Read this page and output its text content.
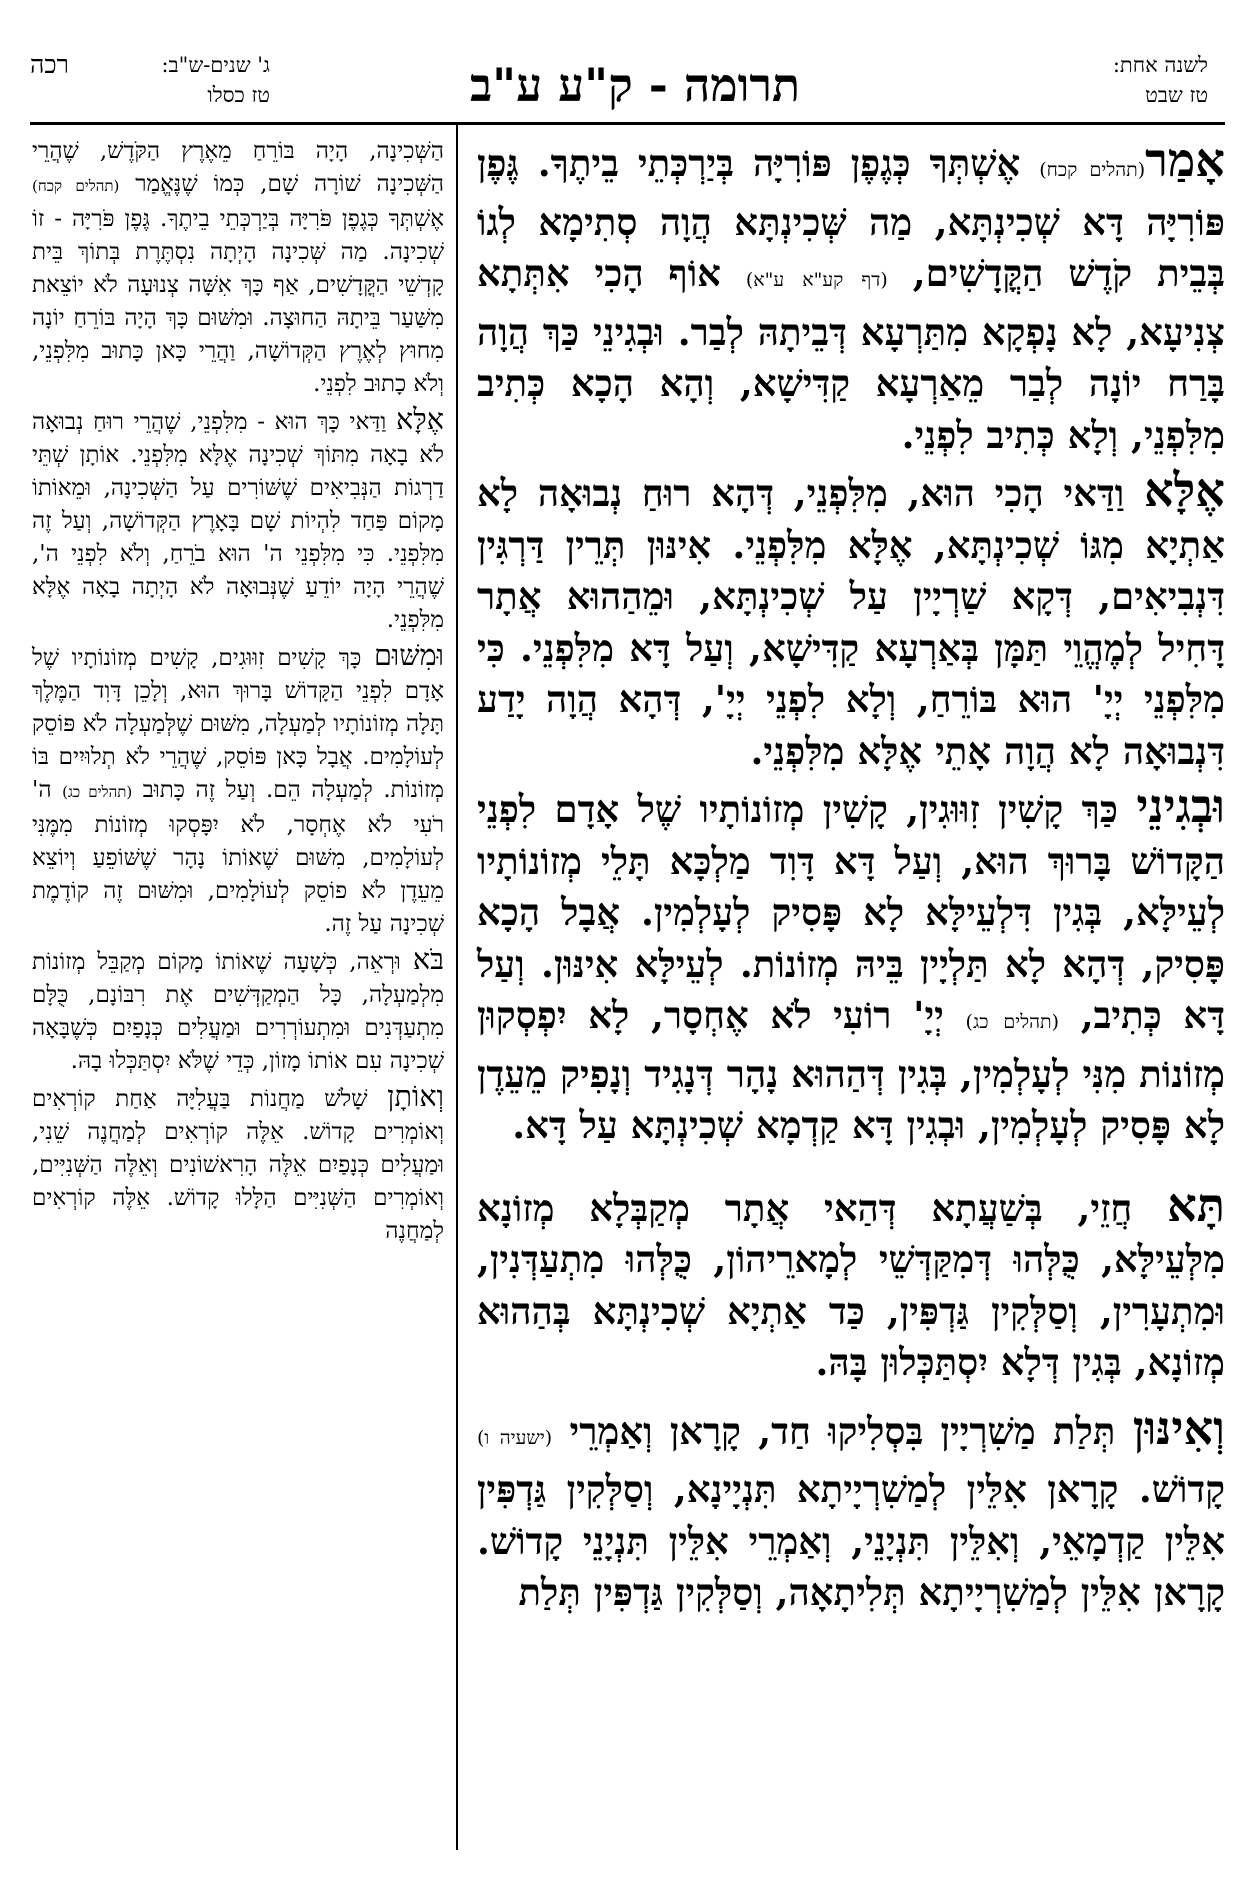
לשנה אחת:
טז שבט
תרומה - ק"ע ע"ב
ג' שנים-ש"ב:
רכה
טז כסלו

אָמַר(תהלים קכח) אֶשְׁתְּךָ כְּגֶפֶן פּוֹרִיָּה בְּיַרְכְּתֵי בֵיתֶךָ. גֶּפֶן פּוֹרִיָּה דָּא שְׁכִינְתָּא, מַה שְּׁכִינְתָּא הֲוָה סְתִימָא לְגוֹ בְּבֵית קֹדֶשׁ הַקֳּדָשִׁים, (דף קע"א ע"א) אוֹף הָכִי אִתְּתָא צְנִיעָא, לָא נָפְקָא מִתַּרְעָא דְּבֵיתָהּ לְבַר. וּבְגִינֵי כַּךְ הֲוָה בָּרַח יוֹנָה לְבַר מֵאַרְעָא קַדִּישָׁא, וְהָא הָכָא כְּתִיב מִלִּפְנֵי, וְלָא כְּתִיב לִפְנֵי.

אֶלָּא וַדַּאי הָכִי הוּא, מִלִּפְנֵי, דְּהָא רוּחַ נְבוּאָה לָא אַתְיָא מִגּוֹ שְׁכִינְתָּא, אֶלָּא מִלִּפְנֵי. אִינּוּן תְּרֵין דַּרְגִּין דִּנְבִיאִים, דְּקָא שַׁרְיָין עַל שְׁכִינְתָּא, וּמֵהַהוּא אֲתָר דָּחִיל לְמֶהֱוֵי תַּמָּן בְּאַרְעָא קַדִּישָׁא, וְעַל דָּא מִלִּפְנֵי. כִּי מִלִּפְנֵי יְיָ' הוּא בּוֹרֵחַ, וְלָא לִפְנֵי יְיָ', דְּהָא הֲוָה יָדַע דִּנְבוּאָה לָא הֲוָה אָתֵי אֶלָּא מִלִּפְנֵי.

וּבְגִינֵי כַּךְ קָשִׁין זִוּוּגִין, קָשִׁין מְזוֹנוֹתָיו שֶׁל אָדָם לִפְנֵי הַקָּדוֹשׁ בָּרוּךְ הוּא, וְעַל דָּא דָּוִד מַלְכָּא תָּלֵי מְזוֹנוֹתָיו לְעֵילָּא, בְּגִין דִּלְעֵילָּא לָא פָּסִיק לְעָלְמִין. אֲבָל הָכָא פָּסִיק, דְּהָא לָא תַּלְיָין בֵּיהּ מְזוֹנוֹת. לְעֵילָּא אִינּוּן. וְעַל דָּא כְּתִיב, (תהלים כג) יְיָ' רוֹעִי לֹא אֶחְסָר, לָא יִפְסְקוּן מְזוֹנוֹת מִנִּי לְעָלְמִין, בְּגִין דְּהַהוּא נָהָר דְּנָגִיד וְנָפִיק מֵעֵדֶן לָא פָּסִיק לְעָלְמִין, וּבְגִין דָּא קַדְמָא שְׁכִינְתָּא עַל דָּא.

תָּא חֲזֵי, בְּשַׁעֲתָא דְּהַאי אֲתָר מְקַבְּלָא מְזוֹנָא מִלְּעֵילָּא, כֻּלְּהוּ דְּמִקַּדְּשֵׁי לְמָארֵיהוֹן, כֻּלְּהוּ מִתְעַדְּנִין, וּמִתְעָרִין, וְסַלְּקִין גַּדְפִּין, כַּד אַתְיָא שְׁכִינְתָּא בְּהַהוּא מְזוֹנָא, בְּגִין דְּלָא יִסְתַּכְּלוּן בָּהּ.

וְאִינּוּן תְּלַת מַשִׁרְיָין בִּסְלִיקוּ חַד, קָרָאן וְאַמְרֵי (ישעיה ו) קָדוֹשׁ. קָרָאן אִלֵּין לְמַשִׁרְיָיתָא תִּנְיָינָא, וְסַלְּקִין גַּדְפִּין אִלֵּין קַדְמָאֵי, וְאִלֵּין תִּנְיָנֵי, וְאַמְרֵי אִלֵּין תִּנְיָנֵי קָדוֹשׁ. קָרָאן אִלֵּין לְמַשִׁרְיָיתָא תְּלִיתָאָה, וְסַלְּקִין גַּדְפִּין תְּלַת

הַשְּׁכִינָה, הָיָה בּוֹרֵחַ מֵאֶרֶץ הַקֹּדֶשׁ, שֶׁהֲרֵי הַשְּׁכִינָה שׁוֹרָה שָׁם, כְּמוֹ שֶׁנֶּאֱמַר (תהלים קכח) אֶשְׁתְּךָ כְּגֶפֶן פֹּרִיָּה בְּיַרְכְּתֵי בֵיתֶךָ. גֶּפֶן פֹּרִיָּה - זוֹ שְׁכִינָה. מַה שְּׁכִינָה הָיְתָה נִסְתֶּרֶת בְּתוֹךְ בֵּית קָדְשֵׁי הַקֳּדָשִׁים, אַף כָּךְ אִשָּׁה צְנוּעָה לֹא יוֹצֵאת מִשַּׁעַר בֵּיתָהּ הַחוּצָה. וּמִשּׁוּם כָּךְ הָיָה בּוֹרֵחַ יוֹנָה מִחוּץ לְאֶרֶץ הַקְּדוֹשָׁה, וַהֲרֵי כָּאן כָּתוּב מִלִּפְנֵי, וְלֹא כָתוּב לִפְנֵי.

אֶלָּא וַדַּאי כָּךְ הוּא - מִלִּפְנֵי, שֶׁהֲרֵי רוּחַ נְבוּאָה לֹא בָאָה מִתּוֹךְ שְׁכִינָה אֶלָּא מִלִּפְנֵי. אוֹתָן שְׁתֵּי דַרְגוֹת הַנְּבִיאִים שֶׁשּׁוֹרִים עַל הַשְּׁכִינָה, וּמֵאוֹתוֹ מָקוֹם פַּחַד לִהְיוֹת שָׁם בָּאָרֶץ הַקְּדוֹשָׁה, וְעַל זֶה מִלִּפְנֵי. כִּי מִלִּפְנֵי ה' הוּא בֹרֵחַ, וְלֹא לִפְנֵי ה', שֶׁהֲרֵי הָיָה יוֹדֵעַ שֶׁנְּבוּאָה לֹא הָיְתָה בָאָה אֶלָּא מִלִּפְנֵי.

וּמִשּׁוּם כָּךְ קָשִׁים זִוּוּגִים, קָשִׁים מְזוֹנוֹתָיו שֶׁל אָדָם לִפְנֵי הַקָּדוֹשׁ בָּרוּךְ הוּא, וְלָכֵן דָּוִד הַמֶּלֶךְ תָּלָה מְזוֹנוֹתָיו לְמַעְלָה, מִשּׁוּם שֶׁלְּמַעְלָה לֹא פּוֹסֵק לְעוֹלָמִים. אֲבָל כָּאן פּוֹסֵק, שֶׁהֲרֵי לֹא תְלוּיִים בּוֹ מְזוֹנוֹת. לְמַעְלָה הֵם. וְעַל זֶה כָּתוּב (תהלים כג) ה' רֹעִי לֹא אֶחְסָר, לֹא יִפָּסְקוּ מְזוֹנוֹת מִמֶּנִּי לְעוֹלָמִים, מִשּׁוּם שֶׁאוֹתוֹ נָהָר שֶׁשּׁוֹפֵעַ וְיוֹצֵא מֵעֵדֶן לֹא פוֹסֵק לְעוֹלָמִים, וּמִשּׁוּם זֶה קוֹדֶמֶת שְׁכִינָה עַל זֶה.

בֹּא וּרְאֵה, כְּשָׁעָה שֶׁאוֹתוֹ מָקוֹם מְקַבֵּל מְזוֹנוֹת מִלְמַעְלָה, כָּל הַמְקַדְּשִׁים אֶת רִבּוֹנָם, כֻּלָּם מִתְעַדְּנִים וּמִתְעוֹרְרִים וּמַעֲלִים כְּנָפַיִם כְּשֶׁבָּאָה שְׁכִינָה עִם אוֹתוֹ מָזוֹן, כְּדֵי שֶׁלֹּא יִסְתַּכְּלוּ בָהּ.

וְאוֹתָן שָׁלֹשׁ מַחֲנוֹת בַּעֲלִיָּה אַחַת קוֹרְאִים וְאוֹמְרִים קָדוֹשׁ. אֵלֶּה קוֹרְאִים לְמַחֲנֶה שֵׁנִי, וּמַעֲלִים כְּנָפַיִם אֵלֶּה הָרִאשׁוֹנִים וְאֵלֶּה הַשְּׁנִיִּים, וְאוֹמְרִים הַשְּׁנִיִּים הַלָּלוּ קָדוֹשׁ. אֵלֶּה קוֹרְאִים לְמַחֲנֶה
